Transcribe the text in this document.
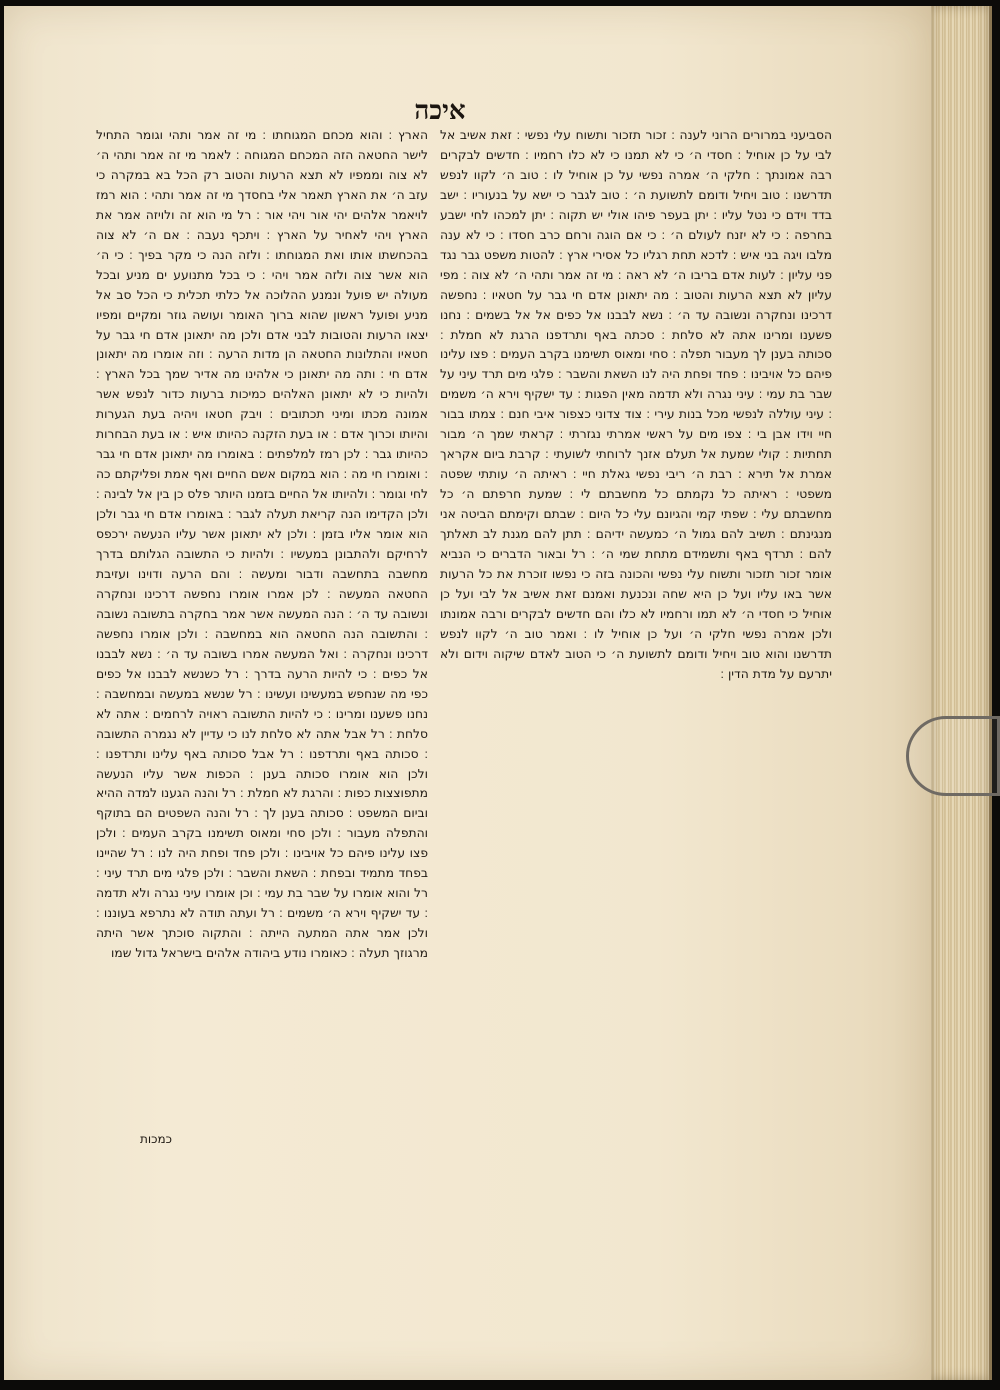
איכה

הסביעני במרורים הרוני לענה ׃ זכור תזכור ותשוח עלי נפשי ׃ זאת אשיב אל לבי על כן אוחיל ׃ חסדי ה׳ כי לא תמנו כי לא כלו רחמיו ׃ חדשים לבקרים רבה אמונתך ׃ חלקי ה׳ אמרה נפשי על כן אוחיל לו ׃ טוב ה׳ לקוו לנפש תדרשנו ׃ טוב ויחיל ודומם לתשועת ה׳ ׃ טוב לגבר כי ישא על בנעוריו ׃ ישב בדד וידם כי נטל עליו ׃ יתן בעפר פיהו אולי יש תקוה ׃ יתן למכהו לחי ישבע בחרפה ׃ כי לא יזנח לעולם ה׳ ׃ כי אם הוגה ורחם כרב חסדו ׃ כי לא ענה מלבו ויגה בני איש ׃ לדכא תחת רגליו כל אסירי ארץ ׃ להטות משפט גבר נגד פני עליון ׃ לעות אדם בריבו ה׳ לא ראה ׃ מי זה אמר ותהי ה׳ לא צוה ׃ מפי עליון לא תצא הרעות והטוב ׃ מה יתאונן אדם חי גבר על חטאיו ׃ נחפשה דרכינו ונחקרה ונשובה עד ה׳ ׃ נשא לבבנו אל כפים אל אל בשמים ׃ נחנו פשענו ומרינו אתה לא סלחת ׃ סכתה באף ותרדפנו הרגת לא חמלת ׃ סכותה בענן לך מעבור תפלה ׃ סחי ומאוס תשימנו בקרב העמים ׃ פצו עלינו פיהם כל אויבינו ׃ פחד ופחת היה לנו השאת והשבר ׃ פלגי מים תרד עיני על שבר בת עמי ׃ עיני נגרה ולא תדמה מאין הפגות ׃ עד ישקיף וירא ה׳ משמים ׃ עיני עוללה לנפשי מכל בנות עירי ׃ צוד צדוני כצפור איבי חנם ׃ צמתו בבור חיי וידו אבן בי ׃ צפו מים על ראשי אמרתי נגזרתי ׃ קראתי שמך ה׳ מבור תחתיות ׃ קולי שמעת אל תעלם אזנך לרוחתי לשועתי ׃ קרבת ביום אקראך אמרת אל תירא ׃ רבת ה׳ ריבי נפשי גאלת חיי ׃ ראיתה ה׳ עותתי שפטה משפטי ׃ ראיתה כל נקמתם כל מחשבתם לי ׃ שמעת חרפתם ה׳ כל מחשבתם עלי ׃ שפתי קמי והגיונם עלי כל היום ׃ שבתם וקימתם הביטה אני מנגינתם ׃ תשיב להם גמול ה׳ כמעשה ידיהם ׃ תתן להם מגנת לב תאלתך להם ׃ תרדף באף ותשמידם מתחת שמי ה׳ ׃ רל ובאור הדברים כי הנביא אומר זכור תזכור ותשוח עלי נפשי והכונה בזה כי נפשו זוכרת את כל הרעות אשר באו עליו ועל כן היא שחה ונכנעת ואמנם זאת אשיב אל לבי ועל כן אוחיל כי חסדי ה׳ לא תמו ורחמיו לא כלו והם חדשים לבקרים ורבה אמונתו ולכן אמרה נפשי חלקי ה׳ ועל כן אוחיל לו ׃ ואמר טוב ה׳ לקוו לנפש תדרשנו והוא טוב ויחיל ודומם לתשועת ה׳ כי הטוב לאדם שיקוה וידום ולא יתרעם על מדת הדין ׃

הארץ ׃ והוא מכחם המגוחתו ׃ מי זה אמר ותהי וגומר התחיל לישר החטאה הזה המכחם המגוחה ׃ לאמר מי זה אמר ותהי ה׳ לא צוה וממפיו לא תצא הרעות והטוב רק הכל בא במקרה כי עזב ה׳ את הארץ תאמר אלי בחסדך מי זה אמר ותהי ׃ הוא רמז לויאמר אלהים יהי אור ויהי אור ׃ רל מי הוא זה ולויזה אמר את הארץ ויהי לאחיר על הארץ ׃ ויתכף נעבה ׃ אם ה׳ לא צוה בהכחשתו אותו ואת המגוחתו ׃ ולזה הנה כי מקר בפיך ׃ כי ה׳ הוא אשר צוה ולזה אמר ויהי ׃ כי בכל מתנועע ים מניע ובכל מעולה יש פועל ונמנע ההלוכה אל כלתי תכלית כי הכל סב אל מניע ופועל ראשון שהוא ברוך האומר ועושה גוזר ומקיים ומפיו יצאו הרעות והטובות לבני אדם ולכן מה יתאונן אדם חי גבר על חטאיו והתלונות החטאה הן מדות הרעה ׃ וזה אומרו מה יתאונן אדם חי ׃ ותה מה יתאונן כי אלהינו מה אדיר שמך בכל הארץ ׃ ולהיות כי לא יתאונן האלהים כמיכות ברעות כדור לנפש אשר אמונה מכתו ומיני תכתובים ׃ ויבק חטאו ויהיה בעת הגערות והיותו וכרוך אדם ׃ או בעת הזקנה כהיותו איש ׃ או בעת הבחרות כהיותו גבר ׃ לכן רמז למלפתים ׃ באומרו מה יתאונן אדם חי גבר ׃ ואומרו חי מה ׃ הוא במקום אשם החיים ואף אמת ופליקתם כה לחי וגומר ׃ ולהיותו אל החיים בזמנו היותר פלס כן בין אל לבינה ׃ ולכן הקדימו הנה קריאת תעלה לגבר ׃ באומרו אדם חי גבר ולכן הוא אומר אליו בזמן ׃ ולכן לא יתאונן אשר עליו הנעשה ירכפס לרחיקם ולהתבונן במעשיו ׃ ולהיות כי התשובה הגלותם בדרך מחשבה בתחשבה ודבור ומעשה ׃ והם הרעה ודוינו ועזיבת החטאה המעשה ׃ לכן אמרו אומרו נחפשה דרכינו ונחקרה ונשובה עד ה׳ ׃ הנה המעשה אשר אמר בחקרה בתשובה נשובה ׃ והתשובה הנה החטאה הוא במחשבה ׃ ולכן אומרו נחפשה דרכינו ונחקרה ׃ ואל המעשה אמרו בשובה עד ה׳ ׃ נשא לבבנו אל כפים ׃ כי להיות הרעה בדרך ׃ רל כשנשא לבבנו אל כפים כפי מה שנחפש במעשינו ועשינו ׃ רל שנשא במעשה ובמחשבה ׃ נחנו פשענו ומרינו ׃ כי להיות התשובה ראויה לרחמים ׃ אתה לא סלחת ׃ רל אבל אתה לא סלחת לנו כי עדיין לא נגמרה התשובה ׃ סכותה באף ותרדפנו ׃ רל אבל סכותה באף עלינו ותרדפנו ׃ ולכן הוא אומרו סכותה בענן ׃ הכפות אשר עליו הנעשה מתפוצצות כפות ׃ והרגת לא חמלת ׃ רל והנה הגענו למדה ההיא וביום המשפט ׃ סכותה בענן לך ׃ רל והנה השפטים הם בתוקף והתפלה מעבור ׃ ולכן סחי ומאוס תשימנו בקרב העמים ׃ ולכן פצו עלינו פיהם כל אויבינו ׃ ולכן פחד ופחת היה לנו ׃ רל שהיינו בפחד מתמיד ובפחת ׃ השאת והשבר ׃ ולכן פלגי מים תרד עיני ׃ רל והוא אומרו על שבר בת עמי ׃ וכן אומרו עיני נגרה ולא תדמה ׃ עד ישקיף וירא ה׳ משמים ׃ רל ועתה תודה לא נתרפא בעוננו ׃ ולכן אמר אתה המתעה הייתה ׃ והתקוה סוכתך אשר היתה מרגוזך תעלה ׃ כאומרו נודע ביהודה אלהים בישראל גדול שמו

כמכות
